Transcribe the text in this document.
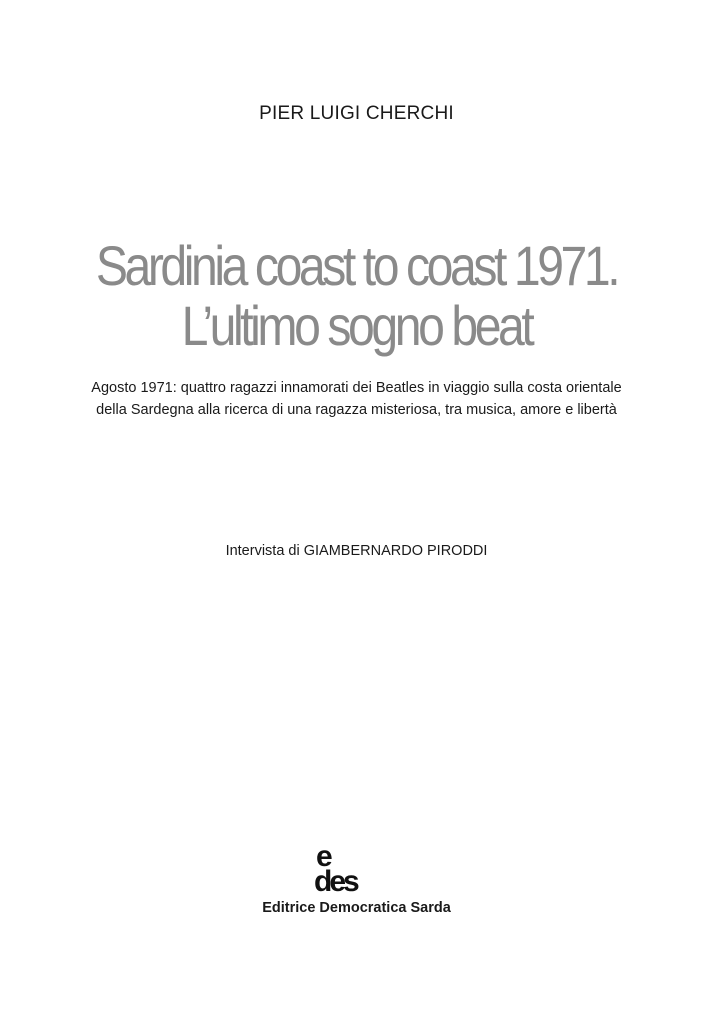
PIER LUIGI CHERCHI
Sardinia coast to coast 1971.
L’ultimo sogno beat
Agosto 1971: quattro ragazzi innamorati dei Beatles in viaggio sulla costa orientale
della Sardegna alla ricerca di una ragazza misteriosa, tra musica, amore e libertà
Intervista di GIAMBERNARDO PIRODDI
e
des
Editrice Democratica Sarda
